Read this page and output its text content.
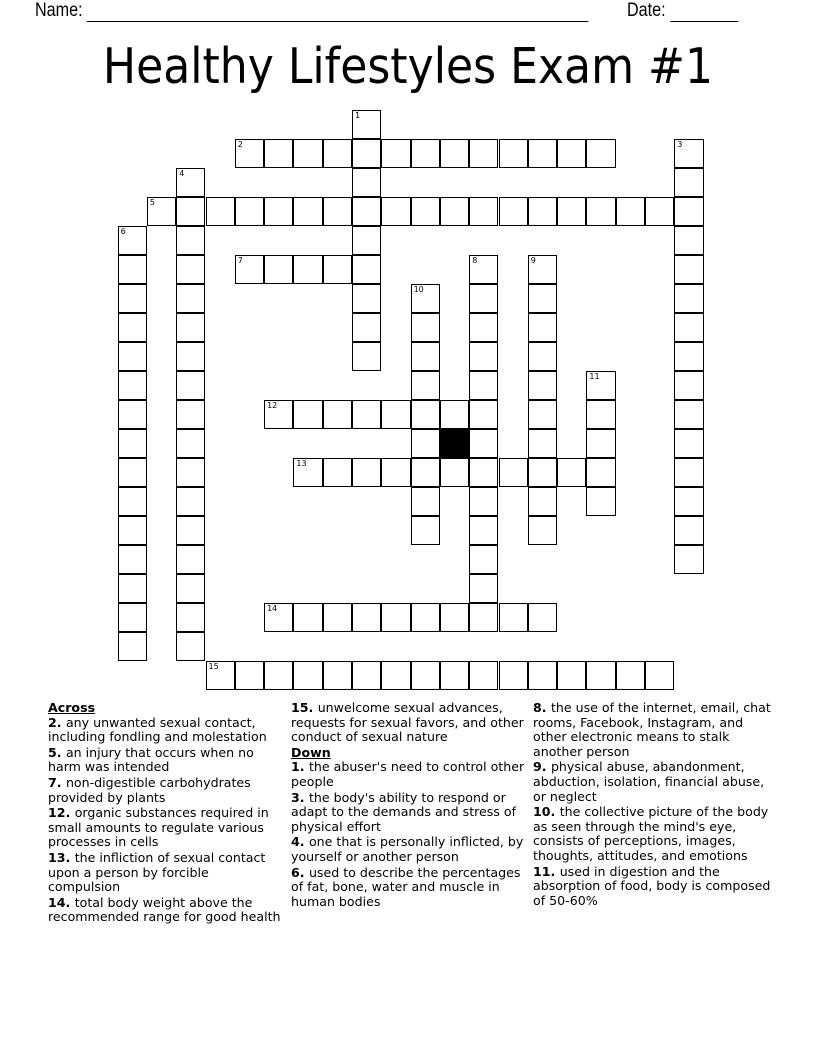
Name:	Date:
Healthy Lifestyles Exam #1
1
2	3
4
5
6
7	8	9
10
11
12
13
14
15
Across
2. any unwanted sexual contact, including fondling and molestation
5. an injury that occurs when no harm was intended
7. non-digestible carbohydrates provided by plants
12. organic substances required in small amounts to regulate various processes in cells
13. the infliction of sexual contact upon a person by forcible compulsion
14. total body weight above the recommended range for good health
15. unwelcome sexual advances, requests for sexual favors, and other conduct of sexual nature
Down
1. the abuser's need to control other people
3. the body's ability to respond or adapt to the demands and stress of physical effort
4. one that is personally inflicted, by yourself or another person
6. used to describe the percentages of fat, bone, water and muscle in human bodies
8. the use of the internet, email, chat rooms, Facebook, Instagram, and other electronic means to stalk another person
9. physical abuse, abandonment, abduction, isolation, financial abuse, or neglect
10. the collective picture of the body as seen through the mind's eye, consists of perceptions, images, thoughts, attitudes, and emotions
11. used in digestion and the absorption of food, body is composed of 50-60%
